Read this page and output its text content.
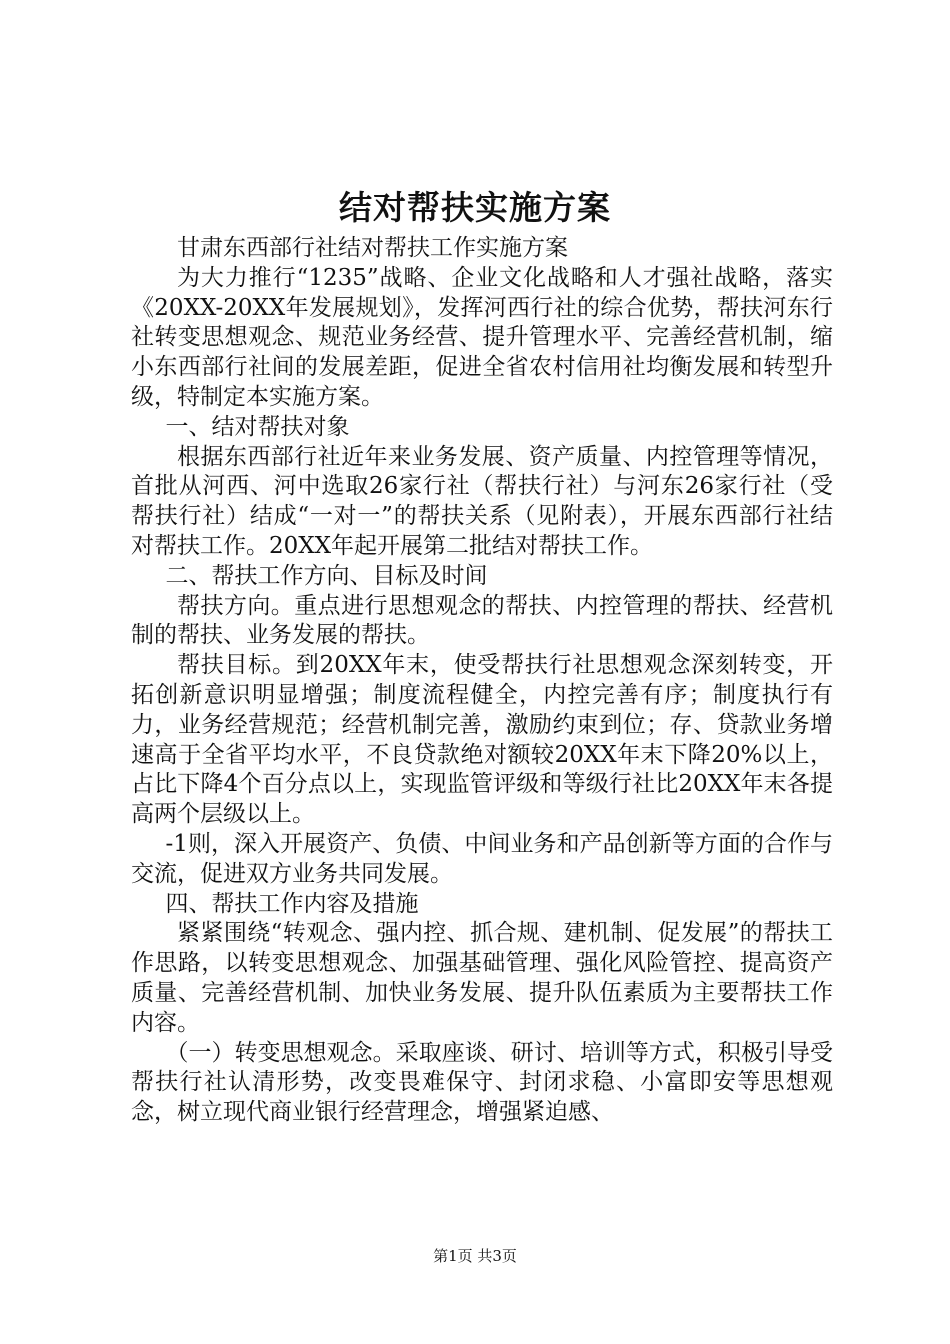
结对帮扶实施方案

甘肃东西部行社结对帮扶工作实施方案

为大力推行“1235”战略、企业文化战略和人才强社战略，落实《20XX-20XX年发展规划》，发挥河西行社的综合优势，帮扶河东行社转变思想观念、规范业务经营、提升管理水平、完善经营机制，缩小东西部行社间的发展差距，促进全省农村信用社均衡发展和转型升级，特制定本实施方案。

一、结对帮扶对象

根据东西部行社近年来业务发展、资产质量、内控管理等情况，首批从河西、河中选取26家行社（帮扶行社）与河东26家行社（受帮扶行社）结成“一对一”的帮扶关系（见附表），开展东西部行社结对帮扶工作。20XX年起开展第二批结对帮扶工作。

二、帮扶工作方向、目标及时间

帮扶方向。重点进行思想观念的帮扶、内控管理的帮扶、经营机制的帮扶、业务发展的帮扶。

帮扶目标。到20XX年末，使受帮扶行社思想观念深刻转变，开拓创新意识明显增强；制度流程健全，内控完善有序；制度执行有力，业务经营规范；经营机制完善，激励约束到位；存、贷款业务增速高于全省平均水平，不良贷款绝对额较20XX年末下降20%以上，占比下降4个百分点以上，实现监管评级和等级行社比20XX年末各提高两个层级以上。

-1则，深入开展资产、负债、中间业务和产品创新等方面的合作与交流，促进双方业务共同发展。

四、帮扶工作内容及措施

紧紧围绕“转观念、强内控、抓合规、建机制、促发展”的帮扶工作思路，以转变思想观念、加强基础管理、强化风险管控、提高资产质量、完善经营机制、加快业务发展、提升队伍素质为主要帮扶工作内容。

（一）转变思想观念。采取座谈、研讨、培训等方式，积极引导受帮扶行社认清形势，改变畏难保守、封闭求稳、小富即安等思想观念，树立现代商业银行经营理念，增强紧迫感、

第1页 共3页
